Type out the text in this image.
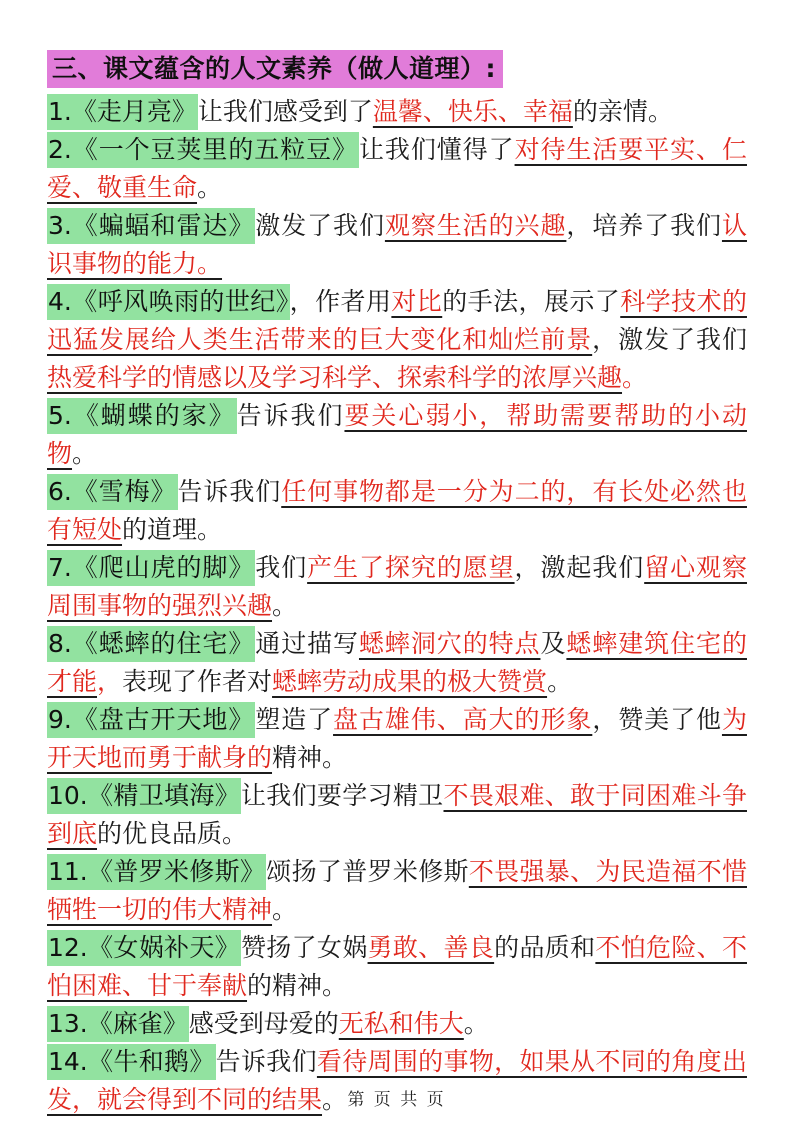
三、课文蕴含的人文素养（做人道理）:

1.《走月亮》让我们感受到了温馨、快乐、幸福的亲情。

2.《一个豆荚里的五粒豆》让我们懂得了对待生活要平实、仁爱、敬重生命。

3.《蝙蝠和雷达》激发了我们观察生活的兴趣，培养了我们认识事物的能力。

4.《呼风唤雨的世纪》，作者用对比的手法，展示了科学技术的迅猛发展给人类生活带来的巨大变化和灿烂前景，激发了我们热爱科学的情感以及学习科学、探索科学的浓厚兴趣。

5.《蝴蝶的家》告诉我们要关心弱小，帮助需要帮助的小动物。

6.《雪梅》告诉我们任何事物都是一分为二的，有长处必然也有短处的道理。

7.《爬山虎的脚》我们产生了探究的愿望，激起我们留心观察周围事物的强烈兴趣。

8.《蟋蟀的住宅》通过描写蟋蟀洞穴的特点及蟋蟀建筑住宅的才能，表现了作者对蟋蟀劳动成果的极大赞赏。

9.《盘古开天地》塑造了盘古雄伟、高大的形象，赞美了他为开天地而勇于献身的精神。

10.《精卫填海》让我们要学习精卫不畏艰难、敢于同困难斗争到底的优良品质。

11.《普罗米修斯》颂扬了普罗米修斯不畏强暴、为民造福不惜牺牲一切的伟大精神。

12.《女娲补天》赞扬了女娲勇敢、善良的品质和不怕危险、不怕困难、甘于奉献的精神。

13.《麻雀》感受到母爱的无私和伟大。

14.《牛和鹅》告诉我们看待周围的事物，如果从不同的角度出发，就会得到不同的结果。 第 页 共 页
